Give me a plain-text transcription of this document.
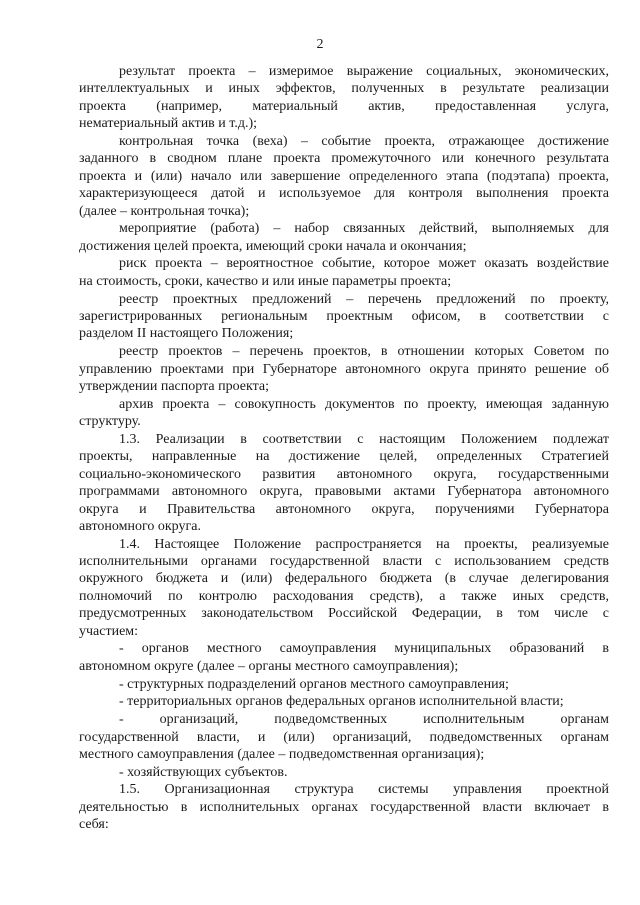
2
результат проекта – измеримое выражение социальных, экономических,
интеллектуальных и иных эффектов, полученных в результате реализации
проекта (например, материальный актив, предоставленная услуга,
нематериальный актив и т.д.);
контрольная точка (веха) – событие проекта, отражающее достижение
заданного в сводном плане проекта промежуточного или конечного результата
проекта и (или) начало или завершение определенного этапа (подэтапа) проекта,
характеризующееся датой и используемое для контроля выполнения проекта
(далее – контрольная точка);
мероприятие (работа) – набор связанных действий, выполняемых для
достижения целей проекта, имеющий сроки начала и окончания;
риск проекта – вероятностное событие, которое может оказать воздействие
на стоимость, сроки, качество и или иные параметры проекта;
реестр проектных предложений – перечень предложений по проекту,
зарегистрированных региональным проектным офисом, в соответствии с
разделом II настоящего Положения;
реестр проектов – перечень проектов, в отношении которых Советом по
управлению проектами при Губернаторе автономного округа принято решение об
утверждении паспорта проекта;
архив проекта – совокупность документов по проекту, имеющая заданную
структуру.
1.3. Реализации в соответствии с настоящим Положением подлежат
проекты, направленные на достижение целей, определенных Стратегией
социально-экономического развития автономного округа, государственными
программами автономного округа, правовыми актами Губернатора автономного
округа и Правительства автономного округа, поручениями Губернатора
автономного округа.
1.4. Настоящее Положение распространяется на проекты, реализуемые
исполнительными органами государственной власти с использованием средств
окружного бюджета и (или) федерального бюджета (в случае делегирования
полномочий по контролю расходования средств), а также иных средств,
предусмотренных законодательством Российской Федерации, в том числе с
участием:
- органов местного самоуправления муниципальных образований в
автономном округе (далее – органы местного самоуправления);
- структурных подразделений органов местного самоуправления;
- территориальных органов федеральных органов исполнительной власти;
- организаций, подведомственных исполнительным органам
государственной власти, и (или) организаций, подведомственных органам
местного самоуправления (далее – подведомственная организация);
- хозяйствующих субъектов.
1.5. Организационная структура системы управления проектной
деятельностью в исполнительных органах государственной власти включает в
себя:
